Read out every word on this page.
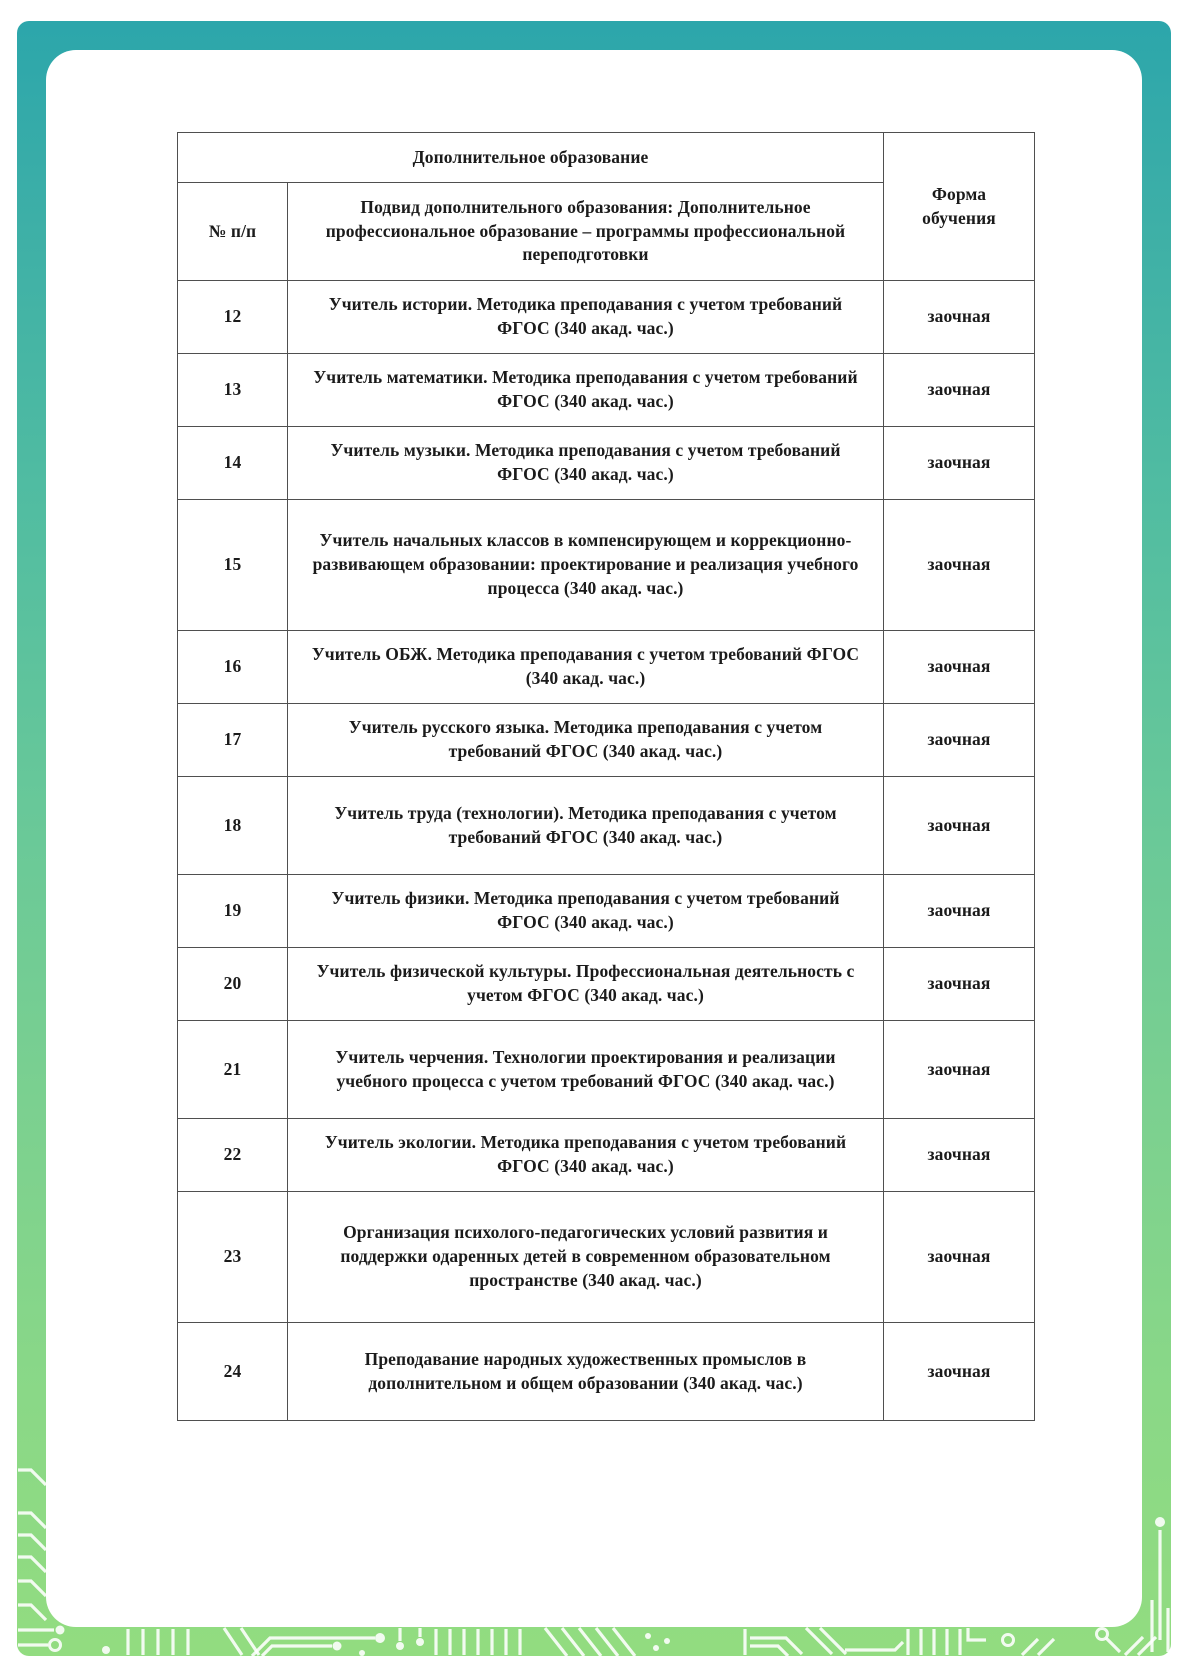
Дополнительное образование		Форма обучения
№ п/п	Подвид дополнительного образования: Дополнительное профессиональное образование – программы профессиональной переподготовки	
12	Учитель истории. Методика преподавания с учетом требований ФГОС (340 акад. час.)	заочная
13	Учитель математики. Методика преподавания с учетом требований ФГОС (340 акад. час.)	заочная
14	Учитель музыки. Методика преподавания с учетом требований ФГОС (340 акад. час.)	заочная
15	Учитель начальных классов в компенсирующем и коррекционно-развивающем образовании: проектирование и реализация учебного процесса (340 акад. час.)	заочная
16	Учитель ОБЖ. Методика преподавания с учетом требований ФГОС (340 акад. час.)	заочная
17	Учитель русского языка. Методика преподавания с учетом требований ФГОС (340 акад. час.)	заочная
18	Учитель труда (технологии). Методика преподавания с учетом требований ФГОС (340 акад. час.)	заочная
19	Учитель физики. Методика преподавания с учетом требований ФГОС (340 акад. час.)	заочная
20	Учитель физической культуры. Профессиональная деятельность с учетом ФГОС (340 акад. час.)	заочная
21	Учитель черчения. Технологии проектирования и реализации учебного процесса с учетом требований ФГОС (340 акад. час.)	заочная
22	Учитель экологии. Методика преподавания с учетом требований ФГОС (340 акад. час.)	заочная
23	Организация психолого-педагогических условий развития и поддержки одаренных детей в современном образовательном пространстве (340 акад. час.)	заочная
24	Преподавание народных художественных промыслов в дополнительном и общем образовании (340 акад. час.)	заочная
